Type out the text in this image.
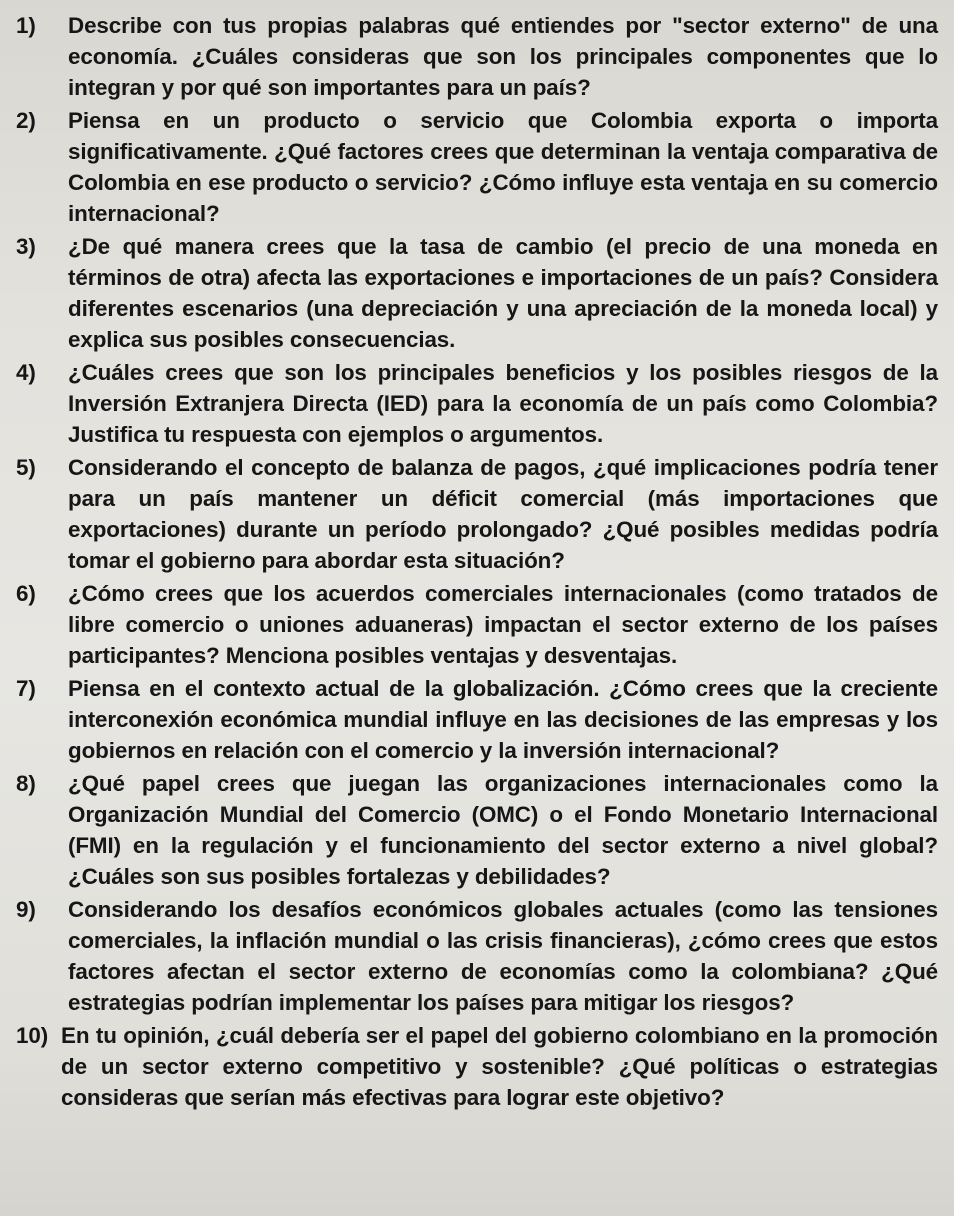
1)	Describe con tus propias palabras qué entiendes por "sector externo" de una economía. ¿Cuáles consideras que son los principales componentes que lo integran y por qué son importantes para un país?

2)	Piensa en un producto o servicio que Colombia exporta o importa significativamente. ¿Qué factores crees que determinan la ventaja comparativa de Colombia en ese producto o servicio? ¿Cómo influye esta ventaja en su comercio internacional?

3)	¿De qué manera crees que la tasa de cambio (el precio de una moneda en términos de otra) afecta las exportaciones e importaciones de un país? Considera diferentes escenarios (una depreciación y una apreciación de la moneda local) y explica sus posibles consecuencias.

4)	¿Cuáles crees que son los principales beneficios y los posibles riesgos de la Inversión Extranjera Directa (IED) para la economía de un país como Colombia? Justifica tu respuesta con ejemplos o argumentos.

5)	Considerando el concepto de balanza de pagos, ¿qué implicaciones podría tener para un país mantener un déficit comercial (más importaciones que exportaciones) durante un período prolongado? ¿Qué posibles medidas podría tomar el gobierno para abordar esta situación?

6)	¿Cómo crees que los acuerdos comerciales internacionales (como tratados de libre comercio o uniones aduaneras) impactan el sector externo de los países participantes? Menciona posibles ventajas y desventajas.

7)	Piensa en el contexto actual de la globalización. ¿Cómo crees que la creciente interconexión económica mundial influye en las decisiones de las empresas y los gobiernos en relación con el comercio y la inversión internacional?

8)	¿Qué papel crees que juegan las organizaciones internacionales como la Organización Mundial del Comercio (OMC) o el Fondo Monetario Internacional (FMI) en la regulación y el funcionamiento del sector externo a nivel global? ¿Cuáles son sus posibles fortalezas y debilidades?

9)	Considerando los desafíos económicos globales actuales (como las tensiones comerciales, la inflación mundial o las crisis financieras), ¿cómo crees que estos factores afectan el sector externo de economías como la colombiana? ¿Qué estrategias podrían implementar los países para mitigar los riesgos?

10) En tu opinión, ¿cuál debería ser el papel del gobierno colombiano en la promoción de un sector externo competitivo y sostenible? ¿Qué políticas o estrategias consideras que serían más efectivas para lograr este objetivo?
